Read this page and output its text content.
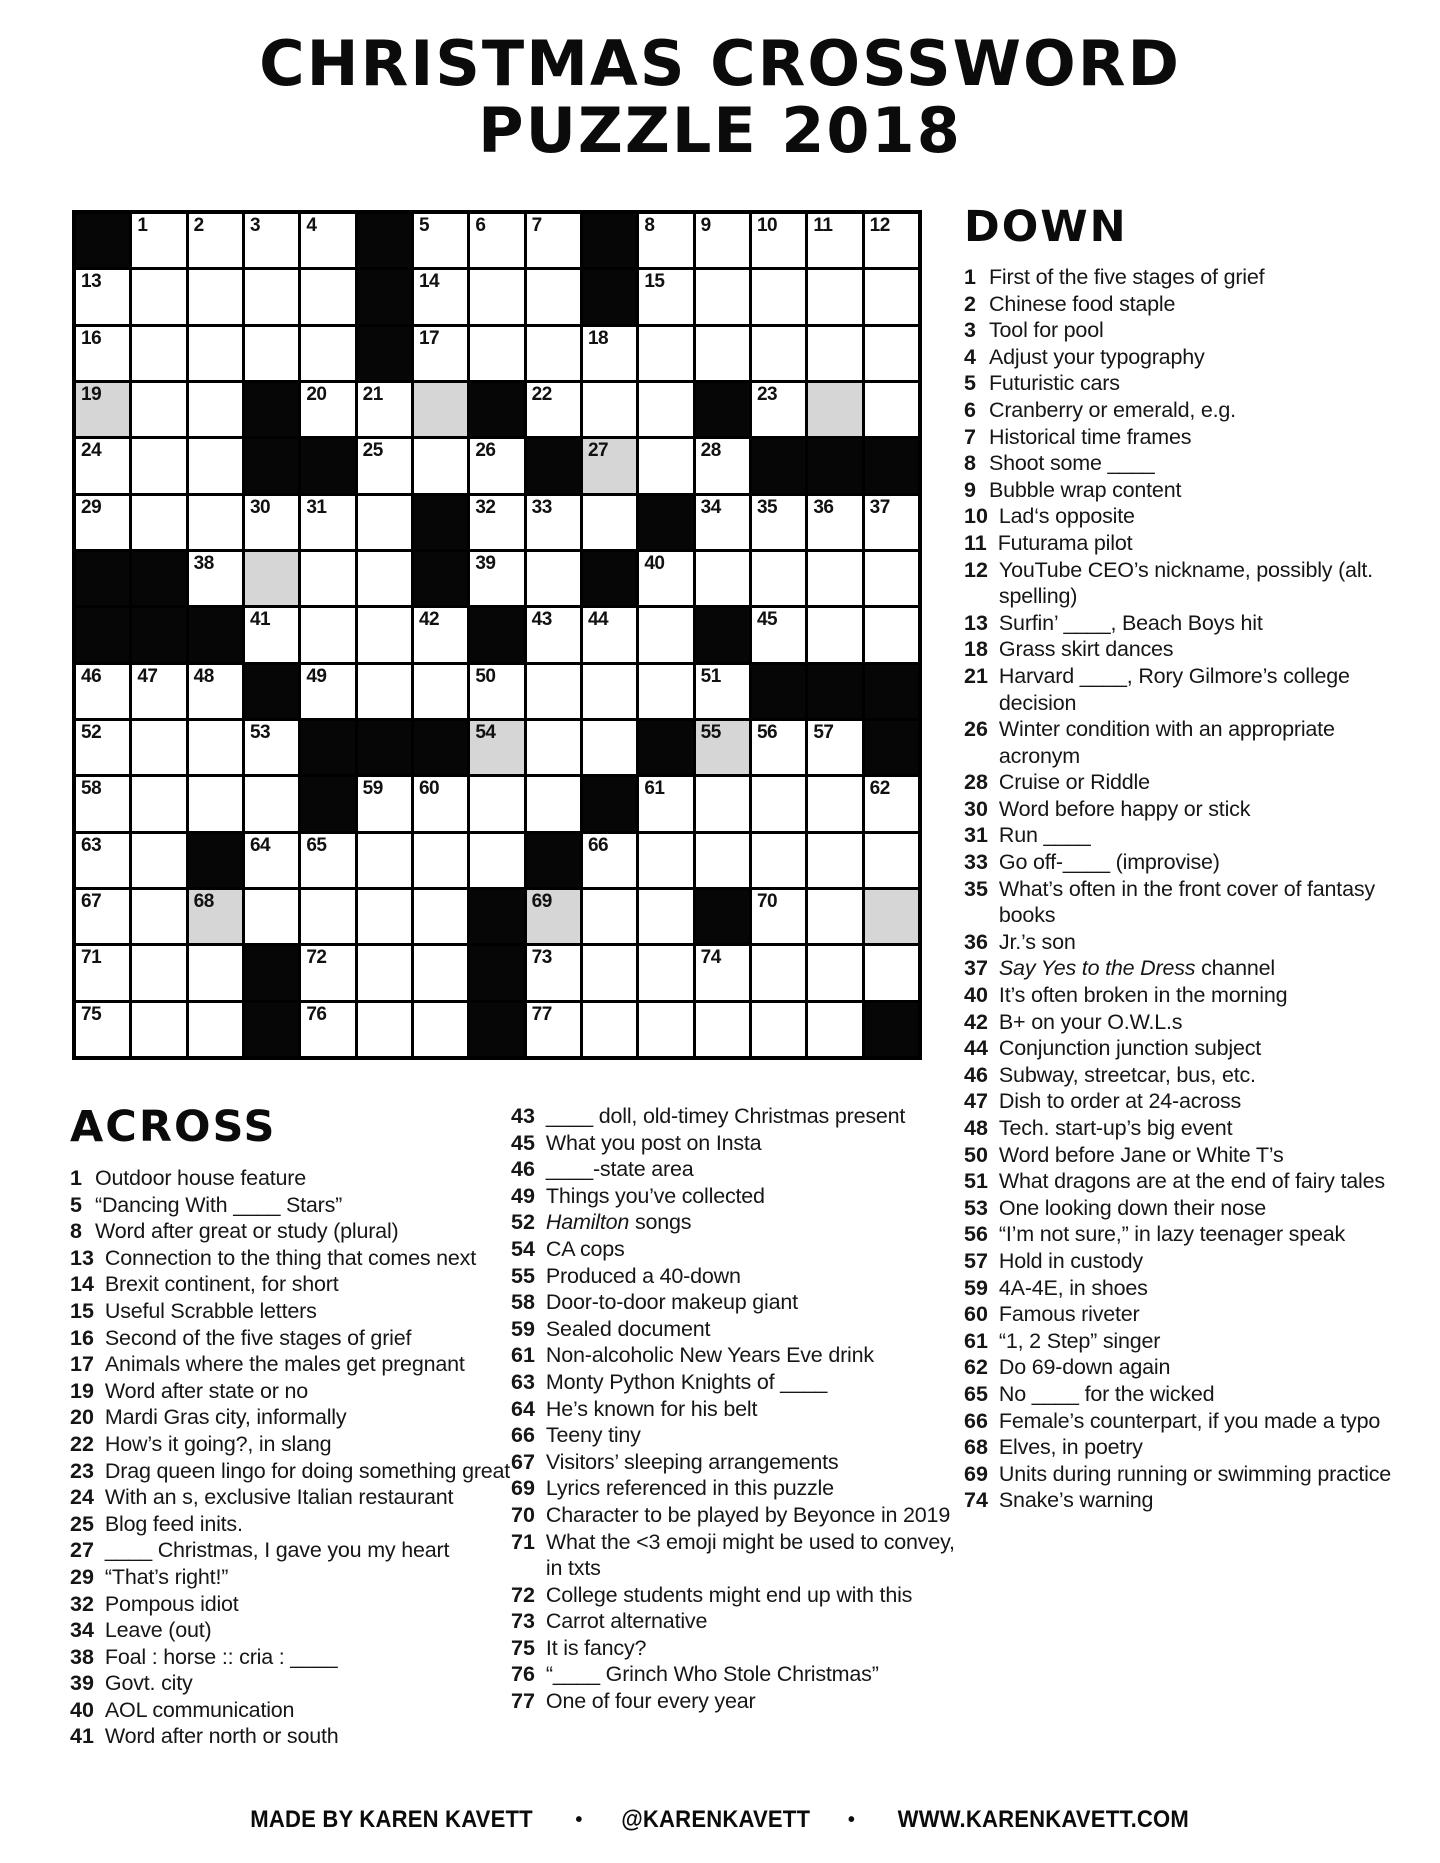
CHRISTMAS CROSSWORD
PUZZLE 2018
1 2 3 4	5 6 7	8 9 10 11 12
13	14	15
16	17	18
19	20 21	22	23
24	25	26	27	28
29	30 31	32 33	34 35 36 37
38	39	40
41	42	43 44	45
46 47 48	49	50	51
52	53	54	55 56 57
58	59 60	61	62
63	64 65	66
67	68	69	70
71	72	73	74
75	76	77
DOWN
1 First of the five stages of grief
2 Chinese food staple
3 Tool for pool
4 Adjust your typography
5 Futuristic cars
6 Cranberry or emerald, e.g.
7 Historical time frames
8 Shoot some ____
9 Bubble wrap content
10 Lad‘s opposite
11 Futurama pilot
12 YouTube CEO’s nickname, possibly (alt. spelling)
13 Surfin’ ____, Beach Boys hit
18 Grass skirt dances
21 Harvard ____, Rory Gilmore’s college decision
26 Winter condition with an appropriate acronym
28 Cruise or Riddle
30 Word before happy or stick
31 Run ____
33 Go off-____ (improvise)
35 What’s often in the front cover of fantasy books
36 Jr.’s son
37 Say Yes to the Dress channel
40 It’s often broken in the morning
42 B+ on your O.W.L.s
44 Conjunction junction subject
46 Subway, streetcar, bus, etc.
47 Dish to order at 24-across
48 Tech. start-up’s big event
50 Word before Jane or White T’s
51 What dragons are at the end of fairy tales
53 One looking down their nose
56 “I’m not sure,” in lazy teenager speak
57 Hold in custody
59 4A-4E, in shoes
60 Famous riveter
61 “1, 2 Step” singer
62 Do 69-down again
65 No ____ for the wicked
66 Female’s counterpart, if you made a typo
68 Elves, in poetry
69 Units during running or swimming practice
74 Snake’s warning
ACROSS
1 Outdoor house feature
5 “Dancing With ____ Stars”
8 Word after great or study (plural)
13 Connection to the thing that comes next
14 Brexit continent, for short
15 Useful Scrabble letters
16 Second of the five stages of grief
17 Animals where the males get pregnant
19 Word after state or no
20 Mardi Gras city, informally
22 How’s it going?, in slang
23 Drag queen lingo for doing something great
24 With an s, exclusive Italian restaurant
25 Blog feed inits.
27 ____ Christmas, I gave you my heart
29 “That’s right!”
32 Pompous idiot
34 Leave (out)
38 Foal : horse :: cria : ____
39 Govt. city
40 AOL communication
41 Word after north or south
43 ____ doll, old-timey Christmas present
45 What you post on Insta
46 ____-state area
49 Things you’ve collected
52 Hamilton songs
54 CA cops
55 Produced a 40-down
58 Door-to-door makeup giant
59 Sealed document
61 Non-alcoholic New Years Eve drink
63 Monty Python Knights of ____
64 He’s known for his belt
66 Teeny tiny
67 Visitors’ sleeping arrangements
69 Lyrics referenced in this puzzle
70 Character to be played by Beyonce in 2019
71 What the <3 emoji might be used to convey, in txts
72 College students might end up with this
73 Carrot alternative
75 It is fancy?
76 “____ Grinch Who Stole Christmas”
77 One of four every year
MADE BY KAREN KAVETT • @KARENKAVETT • WWW.KARENKAVETT.COM
